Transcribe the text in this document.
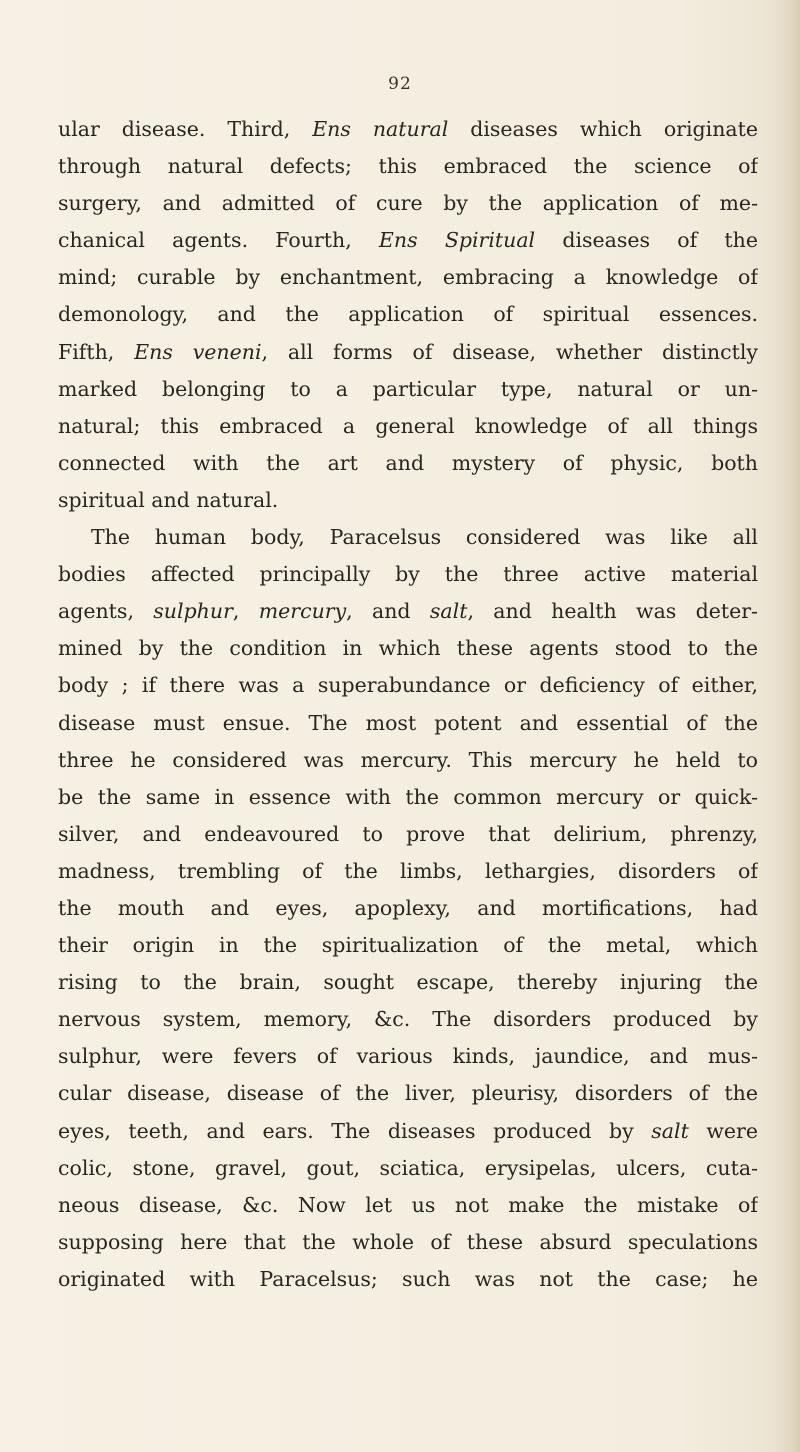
92
ular disease. Third, Ens natural diseases which originate
through natural defects; this embraced the science of
surgery, and admitted of cure by the application of me-
chanical agents. Fourth, Ens Spiritual diseases of the
mind; curable by enchantment, embracing a knowledge of
demonology, and the application of spiritual essences.
Fifth, Ens veneni, all forms of disease, whether distinctly
marked belonging to a particular type, natural or un-
natural; this embraced a general knowledge of all things
connected with the art and mystery of physic, both
spiritual and natural.
The human body, Paracelsus considered was like all
bodies affected principally by the three active material
agents, sulphur, mercury, and salt, and health was deter-
mined by the condition in which these agents stood to the
body ; if there was a superabundance or deficiency of either,
disease must ensue. The most potent and essential of the
three he considered was mercury. This mercury he held to
be the same in essence with the common mercury or quick-
silver, and endeavoured to prove that delirium, phrenzy,
madness, trembling of the limbs, lethargies, disorders of
the mouth and eyes, apoplexy, and mortifications, had
their origin in the spiritualization of the metal, which
rising to the brain, sought escape, thereby injuring the
nervous system, memory, &c. The disorders produced by
sulphur, were fevers of various kinds, jaundice, and mus-
cular disease, disease of the liver, pleurisy, disorders of the
eyes, teeth, and ears. The diseases produced by salt were
colic, stone, gravel, gout, sciatica, erysipelas, ulcers, cuta-
neous disease, &c. Now let us not make the mistake of
supposing here that the whole of these absurd speculations
originated with Paracelsus; such was not the case; he
